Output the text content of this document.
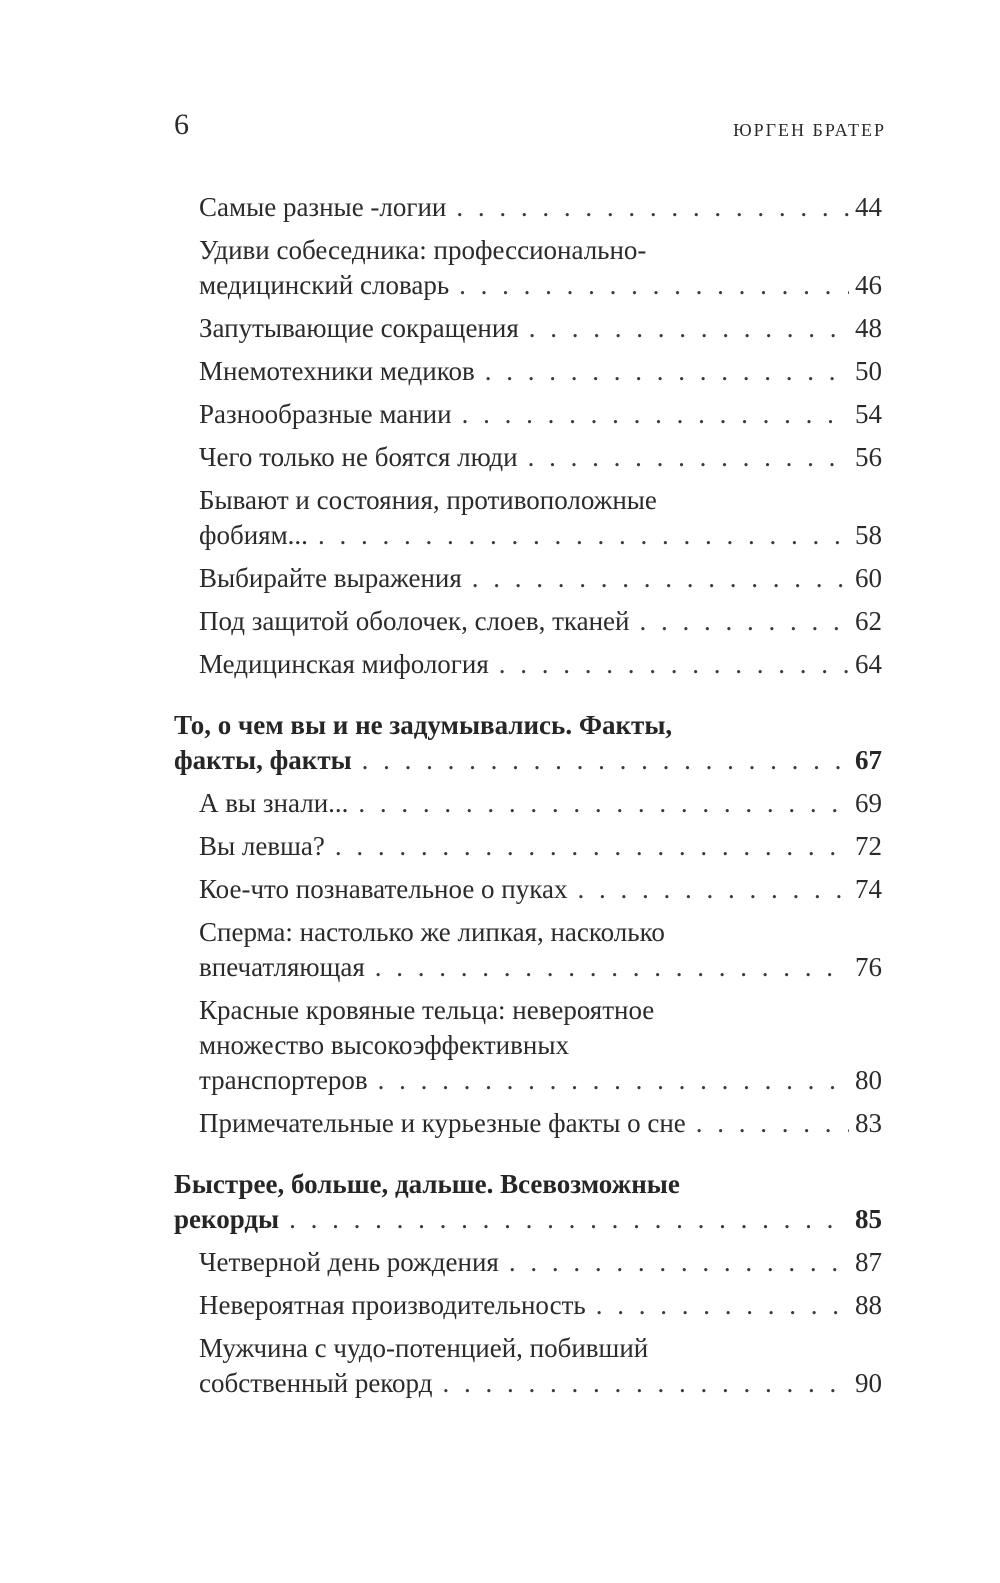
6	ЮРГЕН БРАТЕР
Самые разные -логии . . .	44
Удиви собеседника: профессионально-
медицинский словарь . . .	46
Запутывающие сокращения . . .	48
Мнемотехники медиков . . .	50
Разнообразные мании . . .	54
Чего только не боятся люди . . .	56
Бывают и состояния, противоположные
фобиям... . . .	58
Выбирайте выражения . . .	60
Под защитой оболочек, слоев, тканей . . .	62
Медицинская мифология . . .	64
То, о чем вы и не задумывались. Факты,
факты, факты . . .	67
А вы знали... . . .	69
Вы левша? . . .	72
Кое-что познавательное о пуках . . .	74
Сперма: настолько же липкая, насколько
впечатляющая . . .	76
Красные кровяные тельца: невероятное
множество высокоэффективных
транспортеров . . .	80
Примечательные и курьезные факты о сне . . .	83
Быстрее, больше, дальше. Всевозможные
рекорды . . .	85
Четверной день рождения . . .	87
Невероятная производительность . . .	88
Мужчина с чудо-потенцией, побивший
собственный рекорд . . .	90
